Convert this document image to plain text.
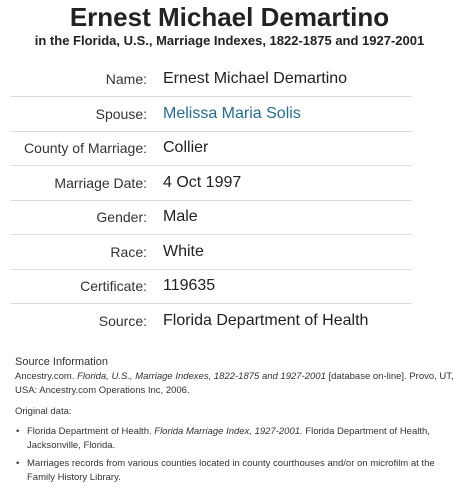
Ernest Michael Demartino
in the Florida, U.S., Marriage Indexes, 1822-1875 and 1927-2001
Name:	Ernest Michael Demartino
Spouse:	Melissa Maria Solis
County of Marriage:	Collier
Marriage Date:	4 Oct 1997
Gender:	Male
Race:	White
Certificate:	119635
Source:	Florida Department of Health
Source Information

Ancestry.com. Florida, U.S., Marriage Indexes, 1822-1875 and 1927-2001 [database on-line]. Provo, UT, USA: Ancestry.com Operations Inc, 2006.

Original data:

• Florida Department of Health. Florida Marriage Index, 1927-2001. Florida Department of Health, Jacksonville, Florida.
• Marriages records from various counties located in county courthouses and/or on microfilm at the Family History Library.
